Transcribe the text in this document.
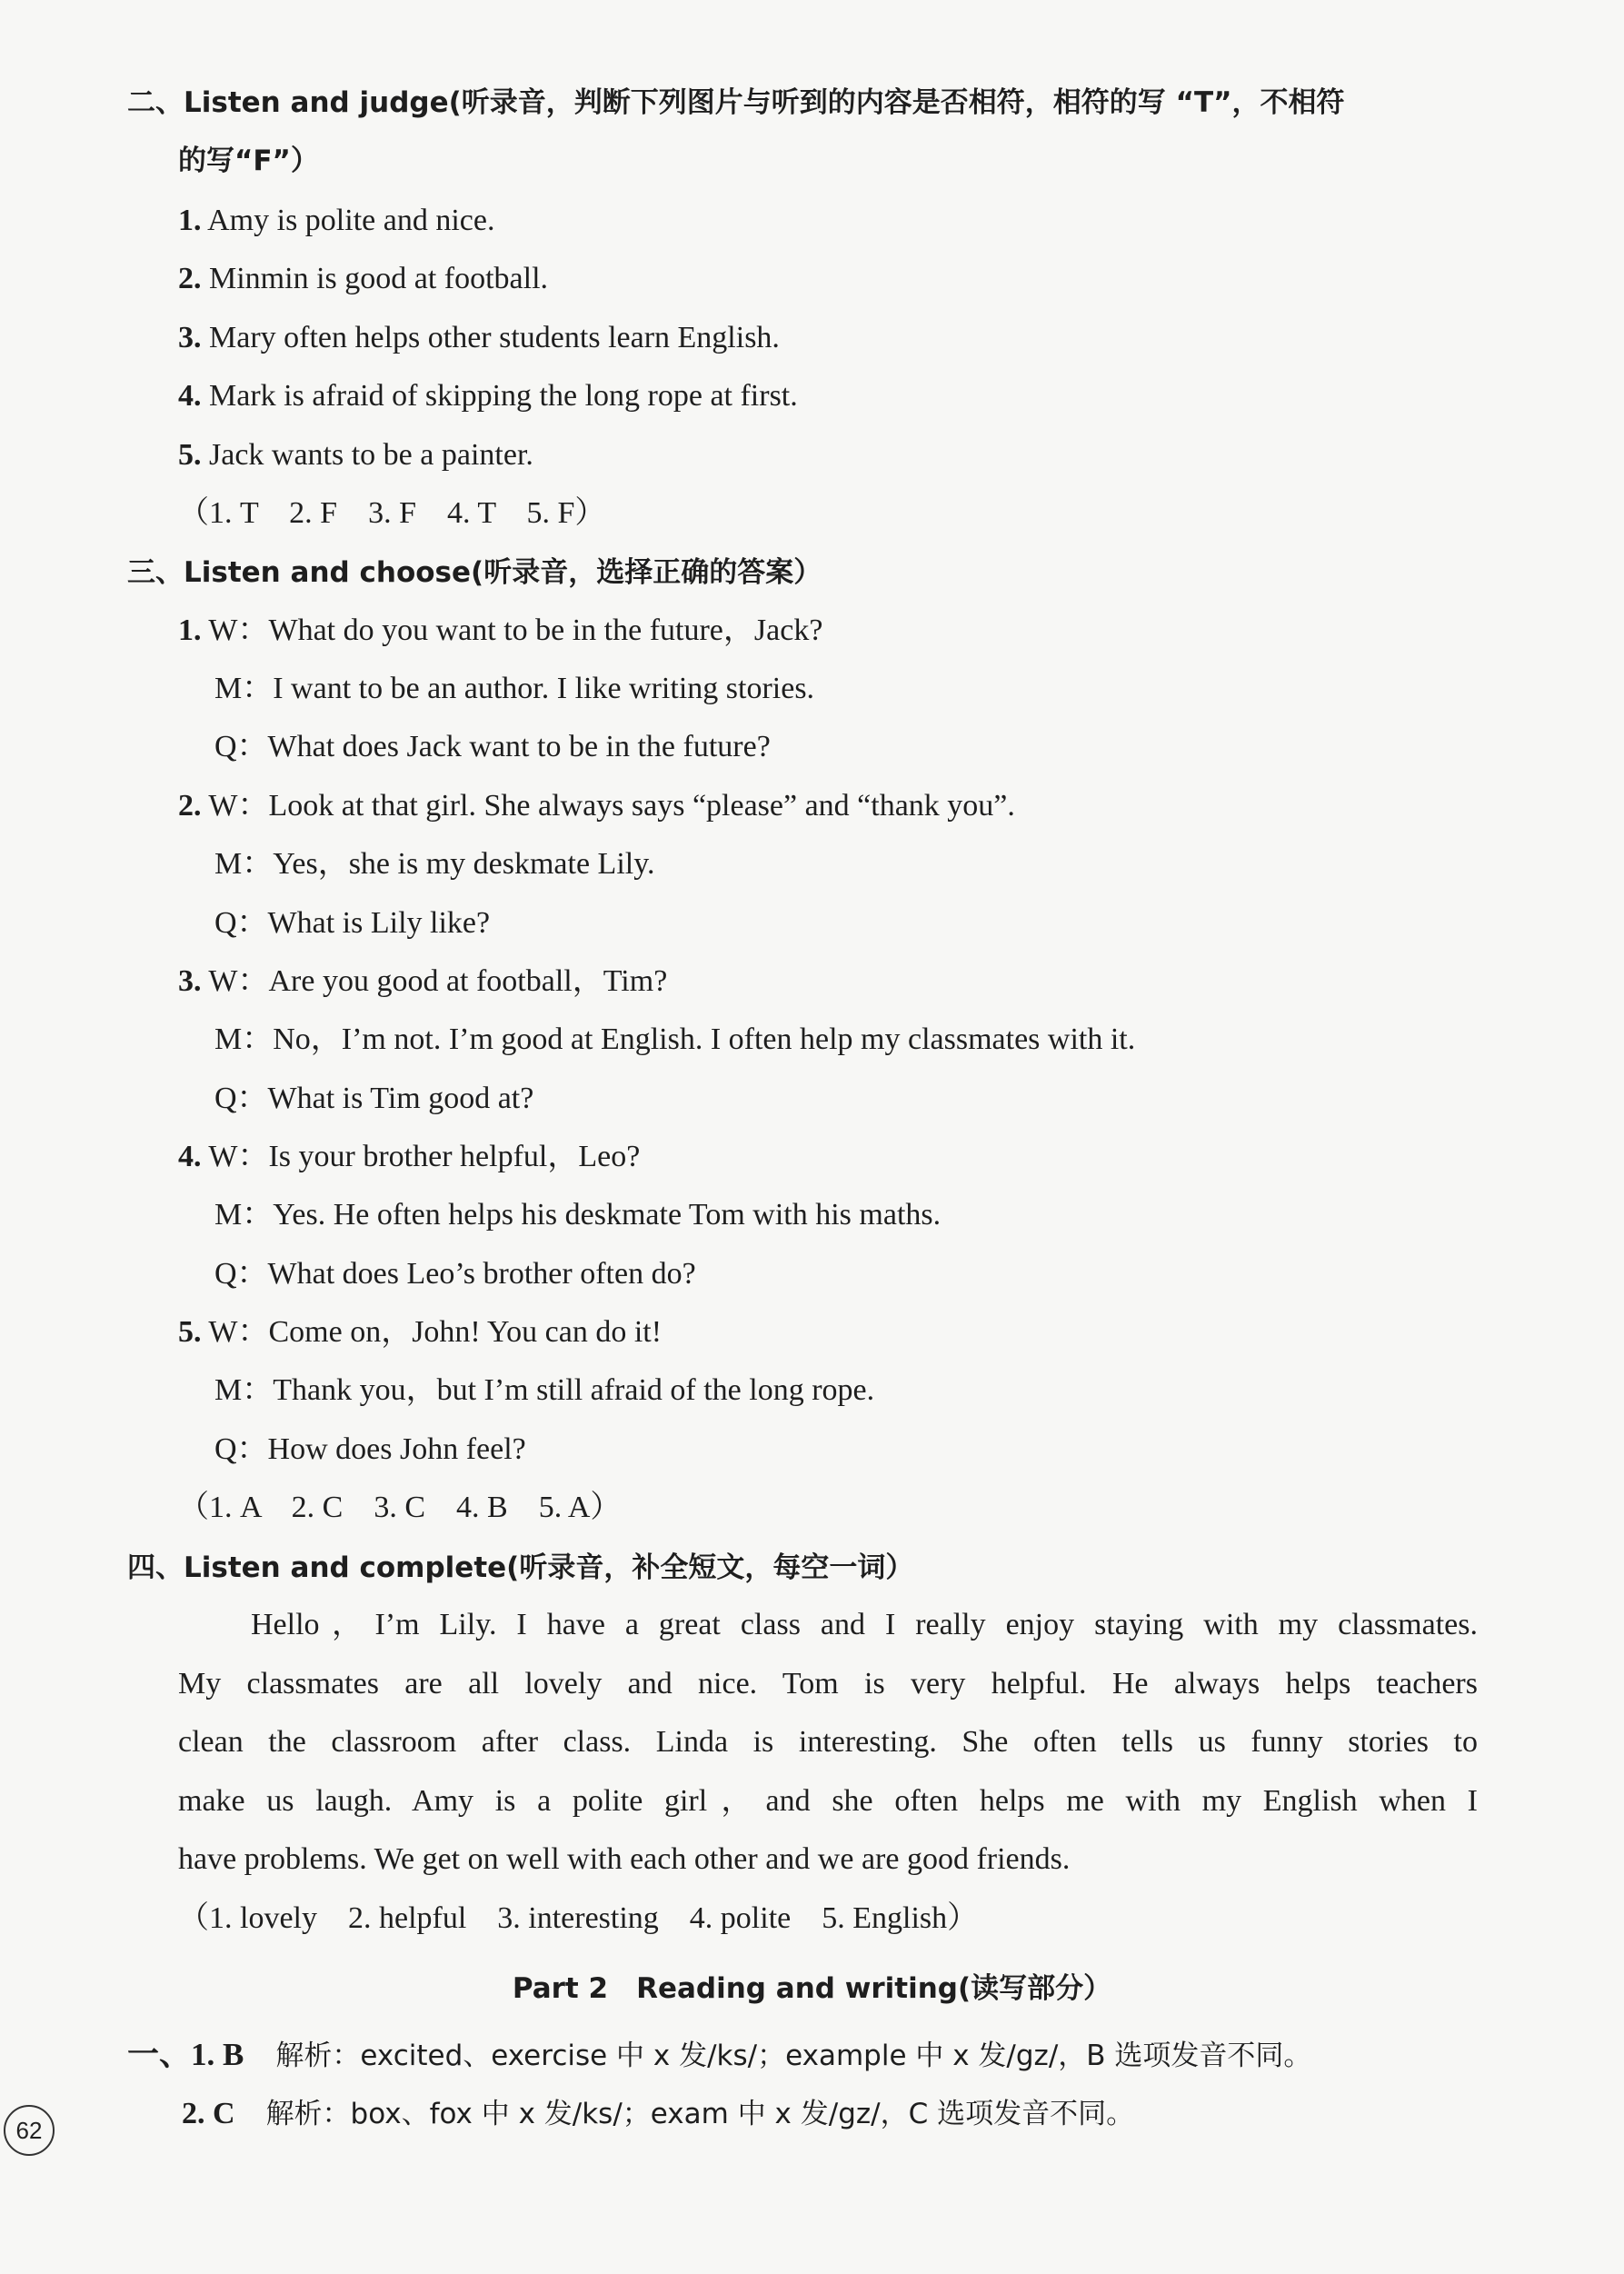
二、Listen and judge(听录音，判断下列图片与听到的内容是否相符，相符的写 “T”，不相符
的写“F”）
1. Amy is polite and nice.
2. Minmin is good at football.
3. Mary often helps other students learn English.
4. Mark is afraid of skipping the long rope at first.
5. Jack wants to be a painter.
（1. T　2. F　3. F　4. T　5. F）
三、Listen and choose(听录音，选择正确的答案）
1. W：What do you want to be in the future，Jack?
M：I want to be an author. I like writing stories.
Q：What does Jack want to be in the future?
2. W：Look at that girl. She always says “please” and “thank you”.
M：Yes，she is my deskmate Lily.
Q：What is Lily like?
3. W：Are you good at football，Tim?
M：No，I’m not. I’m good at English. I often help my classmates with it.
Q：What is Tim good at?
4. W：Is your brother helpful，Leo?
M：Yes. He often helps his deskmate Tom with his maths.
Q：What does Leo’s brother often do?
5. W：Come on，John! You can do it!
M：Thank you，but I’m still afraid of the long rope.
Q：How does John feel?
（1. A　2. C　3. C　4. B　5. A）
四、Listen and complete(听录音，补全短文，每空一词）
Hello，I’m Lily. I have a great class and I really enjoy staying with my classmates.
My classmates are all lovely and nice. Tom is very helpful. He always helps teachers
clean the classroom after class. Linda is interesting. She often tells us funny stories to
make us laugh. Amy is a polite girl，and she often helps me with my English when I
have problems. We get on well with each other and we are good friends.
（1. lovely　2. helpful　3. interesting　4. polite　5. English）
Part 2　Reading and writing(读写部分）
一、1. B　 解析：excited、exercise 中 x 发/ks/；example 中 x 发/gz/，B 选项发音不同。
2. C　 解析：box、fox 中 x 发/ks/；exam 中 x 发/gz/，C 选项发音不同。
62
